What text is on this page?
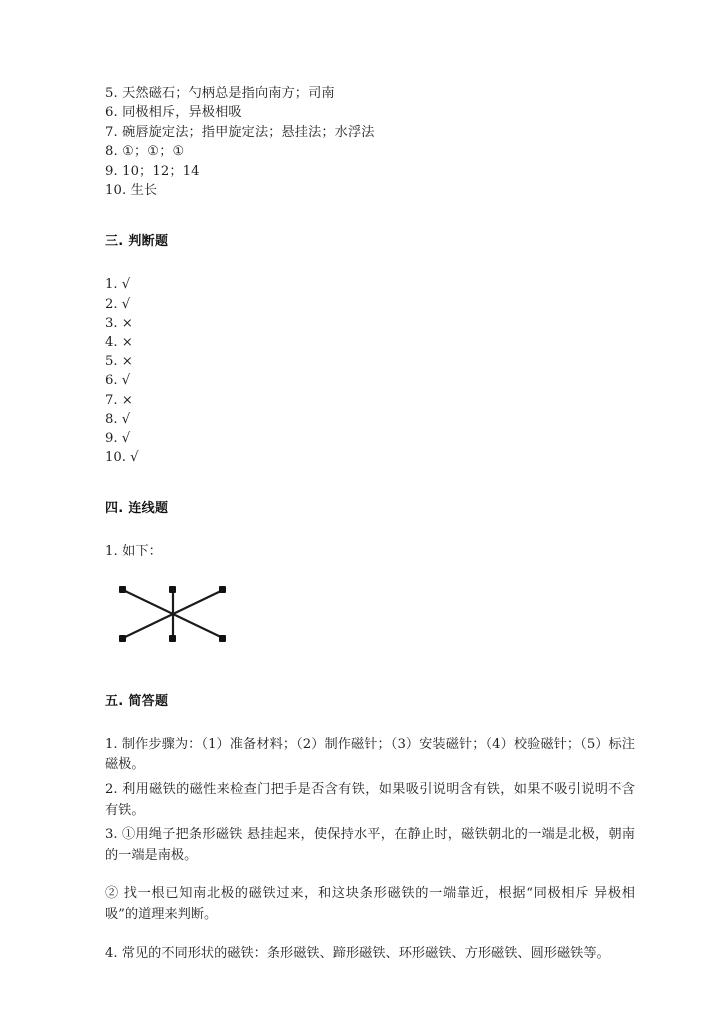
5. 天然磁石；勺柄总是指向南方；司南
6. 同极相斥，异极相吸
7. 碗唇旋定法；指甲旋定法；悬挂法；水浮法
8. ①；①；①
9. 10；12；14
10. 生长
三. 判断题
1. √
2. √
3. ×
4. ×
5. ×
6. √
7. ×
8. √
9. √
10. √
四. 连线题
1. 如下：
五. 简答题

1. 制作步骤为：（1）准备材料；（2）制作磁针；（3）安装磁针；（4）校验磁针；（5）标注磁极。

2. 利用磁铁的磁性来检查门把手是否含有铁，如果吸引说明含有铁，如果不吸引说明不含有铁。

3. ①用绳子把条形磁铁 悬挂起来，使保持水平，在静止时，磁铁朝北的一端是北极，朝南的一端是南极。

② 找一根已知南北极的磁铁过来，和这块条形磁铁的一端靠近，根据“同极相斥 异极相吸”的道理来判断。

4. 常见的不同形状的磁铁：条形磁铁、蹄形磁铁、环形磁铁、方形磁铁、圆形磁铁等。
